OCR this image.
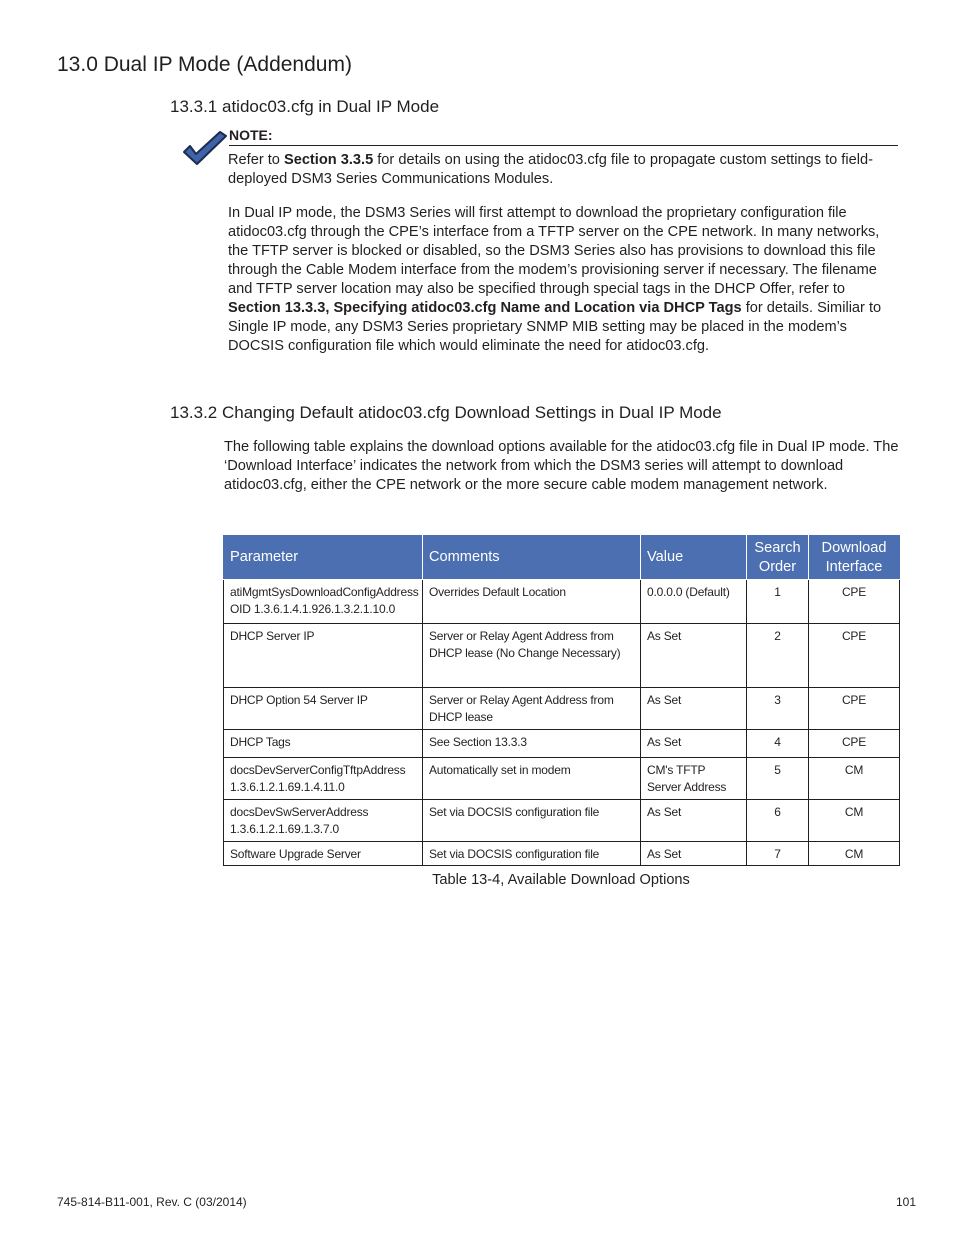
13.0 Dual IP Mode (Addendum)
13.3.1 atidoc03.cfg in Dual IP Mode
NOTE:
Refer to Section 3.3.5 for details on using the atidoc03.cfg file to propagate custom settings to field-deployed DSM3 Series Communications Modules.
In Dual IP mode, the DSM3 Series will first attempt to download the proprietary configuration file atidoc03.cfg through the CPE’s interface from a TFTP server on the CPE network. In many networks, the TFTP server is blocked or disabled, so the DSM3 Series also has provisions to download this file through the Cable Modem interface from the modem’s provisioning server if necessary. The filename and TFTP server location may also be specified through special tags in the DHCP Offer, refer to Section 13.3.3, Specifying atidoc03.cfg Name and Location via DHCP Tags for details. Similiar to Single IP mode, any DSM3 Series proprietary SNMP MIB setting may be placed in the modem’s DOCSIS configuration file which would eliminate the need for atidoc03.cfg.
13.3.2 Changing Default atidoc03.cfg Download Settings in Dual IP Mode
The following table explains the download options available for the atidoc03.cfg file in Dual IP mode. The ‘Download Interface’ indicates the network from which the DSM3 series will attempt to download atidoc03.cfg, either the CPE network or the more secure cable modem management network.
Parameter	Comments	Value	Search Order	Download Interface
atiMgmtSysDownloadConfigAddress OID 1.3.6.1.4.1.926.1.3.2.1.10.0	Overrides Default Location	0.0.0.0 (Default)	1	CPE
DHCP Server IP	Server or Relay Agent Address from DHCP lease (No Change Necessary)	As Set	2	CPE
DHCP Option 54 Server IP	Server or Relay Agent Address from DHCP lease	As Set	3	CPE
DHCP Tags	See Section 13.3.3	As Set	4	CPE
docsDevServerConfigTftpAddress 1.3.6.1.2.1.69.1.4.11.0	Automatically set in modem	CM's TFTP Server Address	5	CM
docsDevSwServerAddress 1.3.6.1.2.1.69.1.3.7.0	Set via DOCSIS configuration file	As Set	6	CM
Software Upgrade Server	Set via DOCSIS configuration file	As Set	7	CM
Table 13-4, Available Download Options
745-814-B11-001, Rev. C (03/2014)	101
